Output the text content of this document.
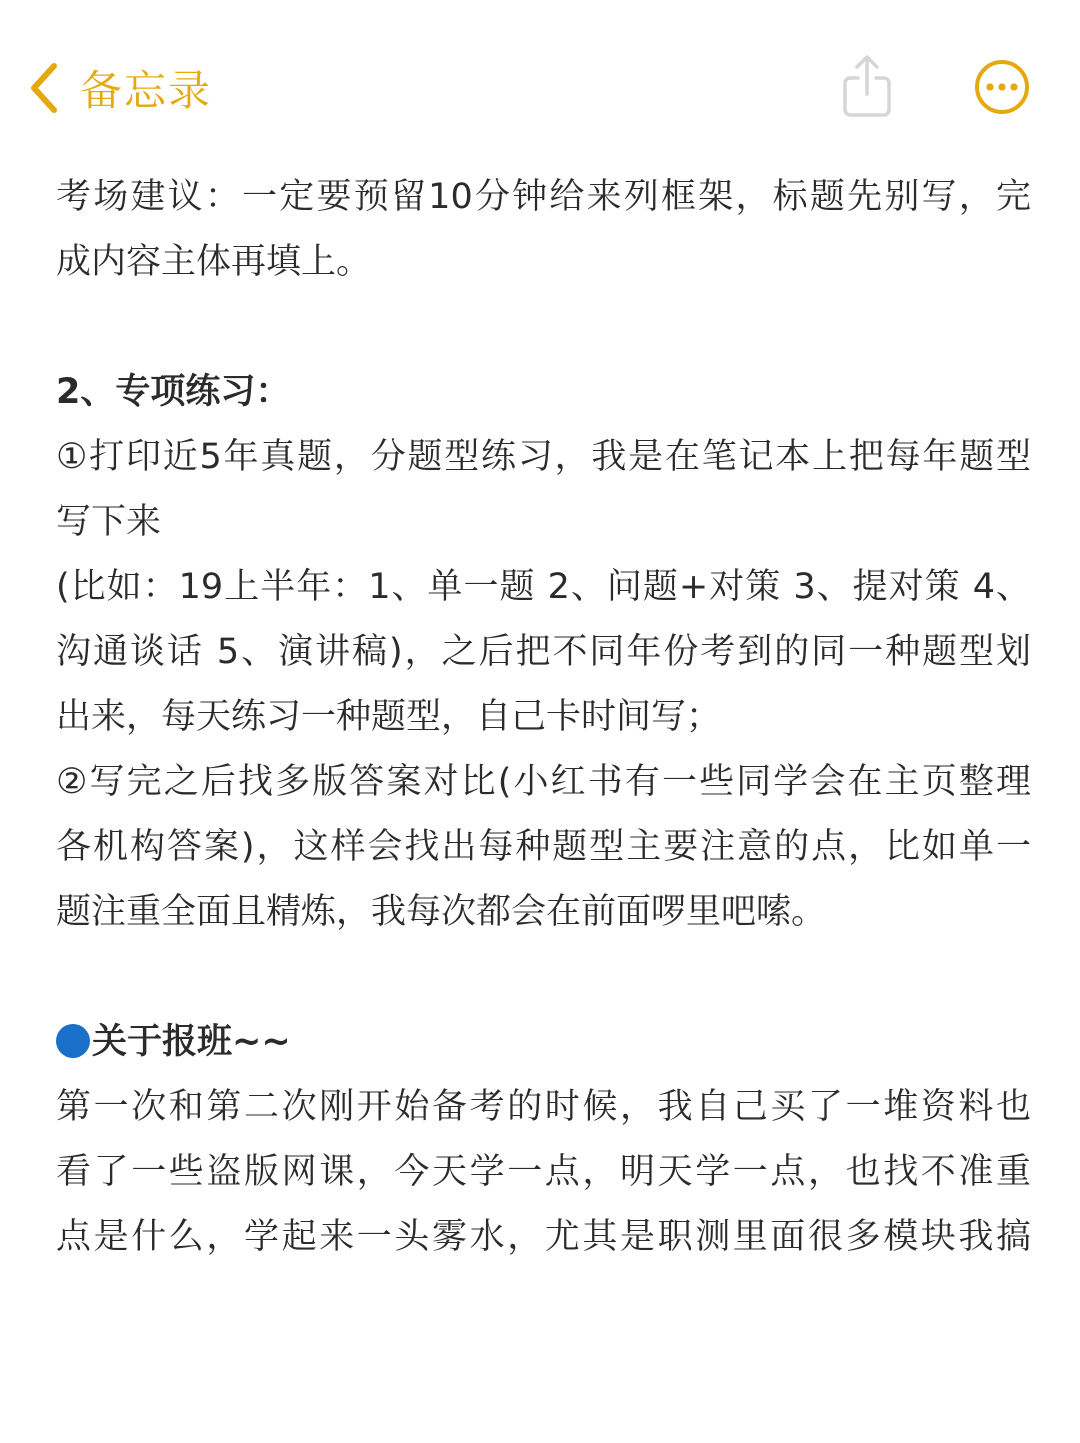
备忘录
考场建议：一定要预留10分钟给来列框架，标题先别写，完
成内容主体再填上。
2、专项练习：
①打印近5年真题，分题型练习，我是在笔记本上把每年题型
写下来
(比如：19上半年：1、单一题 2、问题+对策 3、提对策 4、
沟通谈话 5、演讲稿)，之后把不同年份考到的同一种题型划
出来，每天练习一种题型，自己卡时间写；
②写完之后找多版答案对比(小红书有一些同学会在主页整理
各机构答案)，这样会找出每种题型主要注意的点，比如单一
题注重全面且精炼，我每次都会在前面啰里吧嗦。
关于报班~~
第一次和第二次刚开始备考的时候，我自己买了一堆资料也
看了一些盗版网课，今天学一点，明天学一点，也找不准重
点是什么，学起来一头雾水，尤其是职测里面很多模块我搞
